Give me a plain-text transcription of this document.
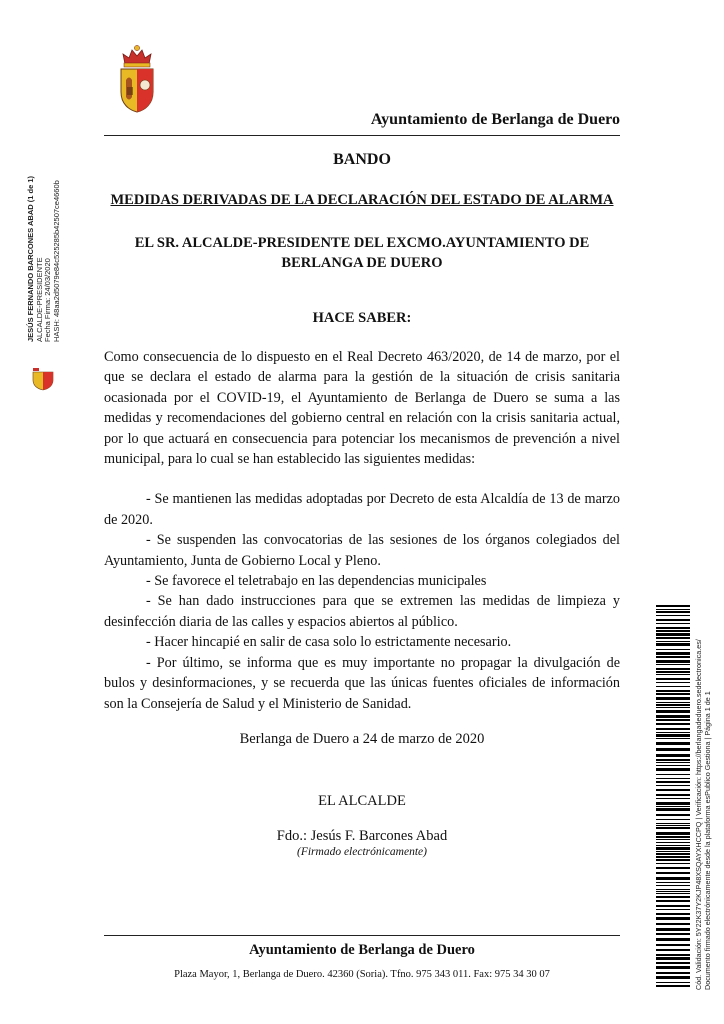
Ayuntamiento de Berlanga de Duero
BANDO
MEDIDAS DERIVADAS DE LA DECLARACIÓN DEL ESTADO DE ALARMA
EL SR. ALCALDE-PRESIDENTE DEL EXCMO.AYUNTAMIENTO DE
BERLANGA DE DUERO
HACE SABER:

Como consecuencia de lo dispuesto en el Real Decreto 463/2020, de 14 de marzo, por el que se declara el estado de alarma para la gestión de la situación de crisis sanitaria ocasionada por el COVID-19, el Ayuntamiento de Berlanga de Duero se suma a las medidas y recomendaciones del gobierno central en relación con la crisis sanitaria actual, por lo que actuará en consecuencia para potenciar los mecanismos de prevención a nivel municipal, para lo cual se han establecido las siguientes medidas:

- Se mantienen las medidas adoptadas por Decreto de esta Alcaldía de 13 de marzo de 2020.

- Se suspenden las convocatorias de las sesiones de los órganos colegiados del Ayuntamiento, Junta de Gobierno Local y Pleno.

- Se favorece el teletrabajo en las dependencias municipales

- Se han dado instrucciones para que se extremen las medidas de limpieza y desinfección diaria de las calles y espacios abiertos al público.

- Hacer hincapié en salir de casa solo lo estrictamente necesario.

- Por último, se informa que es muy importante no propagar la divulgación de bulos y desinformaciones, y se recuerda que las únicas fuentes oficiales de información son la Consejería de Salud y el Ministerio de Sanidad.

Berlanga de Duero a 24 de marzo de 2020
EL ALCALDE
Fdo.: Jesús F. Barcones Abad
(Firmado electrónicamente)
Ayuntamiento de Berlanga de Duero
Plaza Mayor, 1, Berlanga de Duero. 42360 (Soria). Tfno. 975 343 011. Fax: 975 34 30 07
JESÚS FERNANDO BARCONES ABAD (1 de 1) ALCALDE-PRESIDENTE Fecha Firma: 24/03/2020 HASH: 48aa2d5079e84c525285b42507ce4660b
Cód. Validación: 5Y22K37Y2KJP48XSQAYXHCCPQ | Verificación: https://berlangadeduero.sedelectronica.es/ Documento firmado electrónicamente desde la plataforma esPublico Gestiona | Página 1 de 1
